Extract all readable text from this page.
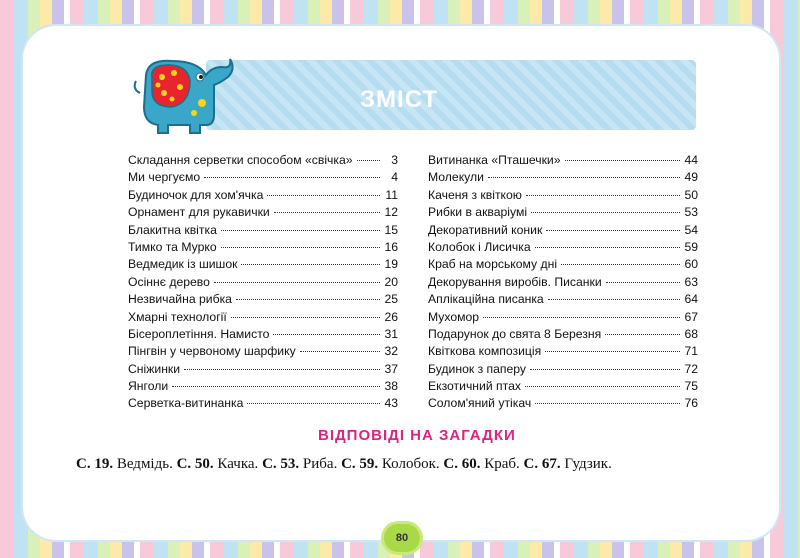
ЗМІСТ
Складання серветки способом «свічка»	3
Ми чергуємо	4
Будиночок для хом'ячка	11
Орнамент для рукавички	12
Блакитна квітка	15
Тимко та Мурко	16
Ведмедик із шишок	19
Осіннє дерево	20
Незвичайна рибка	25
Хмарні технології	26
Бісероплетіння. Намисто	31
Пінгвін у червоному шарфику	32
Сніжинки	37
Янголи	38
Серветка-витинанка	43
Витинанка «Пташечки»	44
Молекули	49
Каченя з квіткою	50
Рибки в акваріумі	53
Декоративний коник	54
Колобок і Лисичка	59
Краб на морському дні	60
Декорування виробів. Писанки	63
Аплікаційна писанка	64
Мухомор	67
Подарунок до свята 8 Березня	68
Квіткова композиція	71
Будинок з паперу	72
Екзотичний птах	75
Солом'яний утікач	76
ВІДПОВІДІ НА ЗАГАДКИ
С. 19. Ведмідь. С. 50. Качка. С. 53. Риба. С. 59. Колобок. С. 60. Краб. С. 67. Гудзик.
80
